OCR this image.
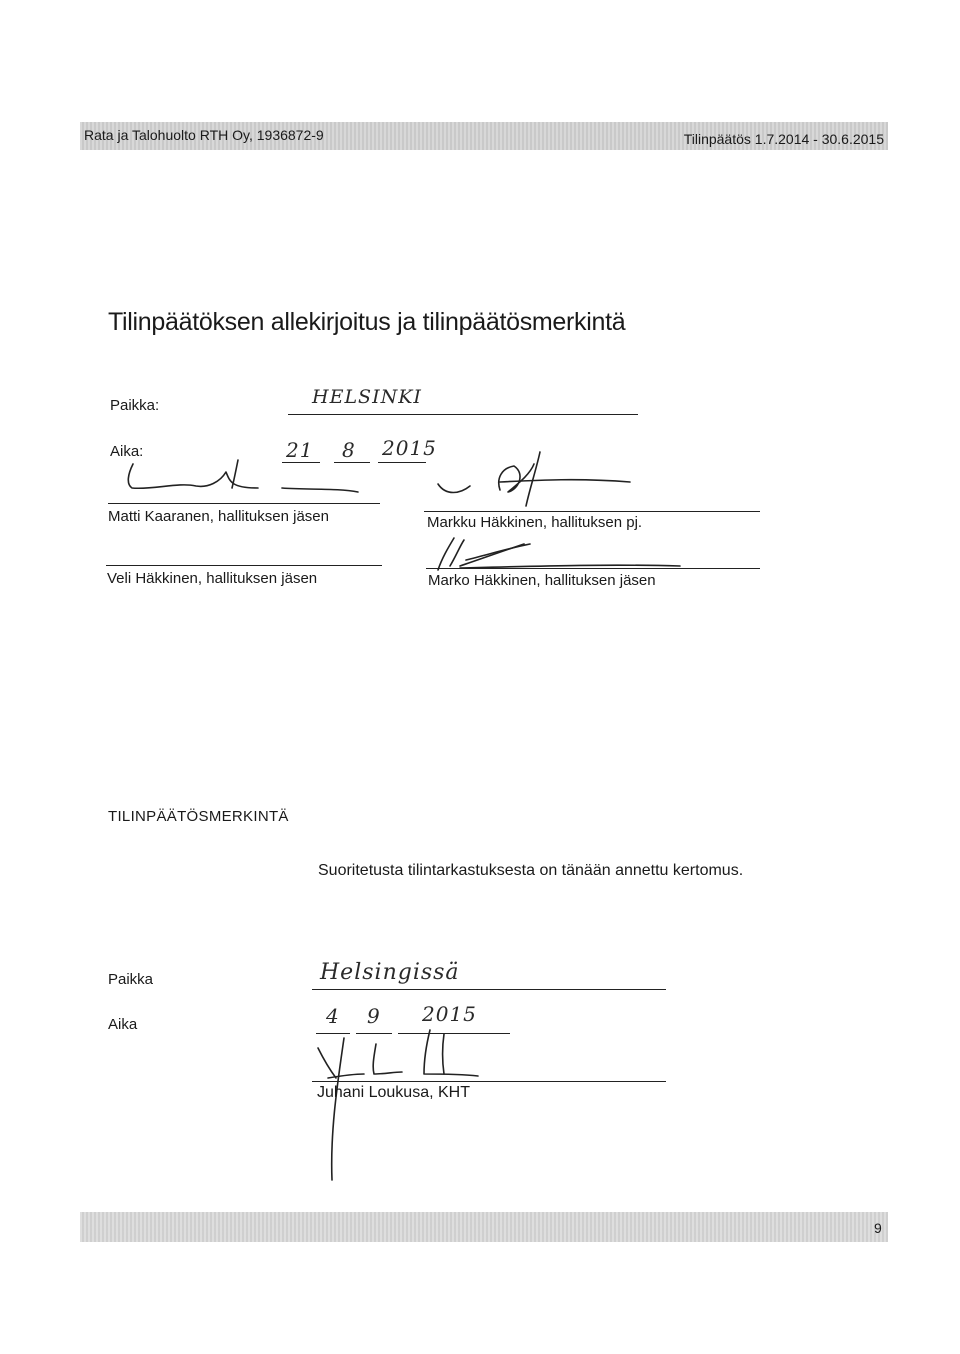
Rata ja Talohuolto RTH Oy, 1936872-9	Tilinpäätös 1.7.2014 - 30.6.2015
Tilinpäätöksen allekirjoitus ja tilinpäätösmerkintä
Paikka:	HELSINKI
Aika:	21 8 2015
Matti Kaaranen, hallituksen jäsen	Markku Häkkinen, hallituksen pj.
Veli Häkkinen, hallituksen jäsen	Marko Häkkinen, hallituksen jäsen
TILINPÄÄTÖSMERKINTÄ
Suoritetusta tilintarkastuksesta on tänään annettu kertomus.
Paikka	Helsingissä
Aika	4 9 2015
Juhani Loukusa, KHT
9
